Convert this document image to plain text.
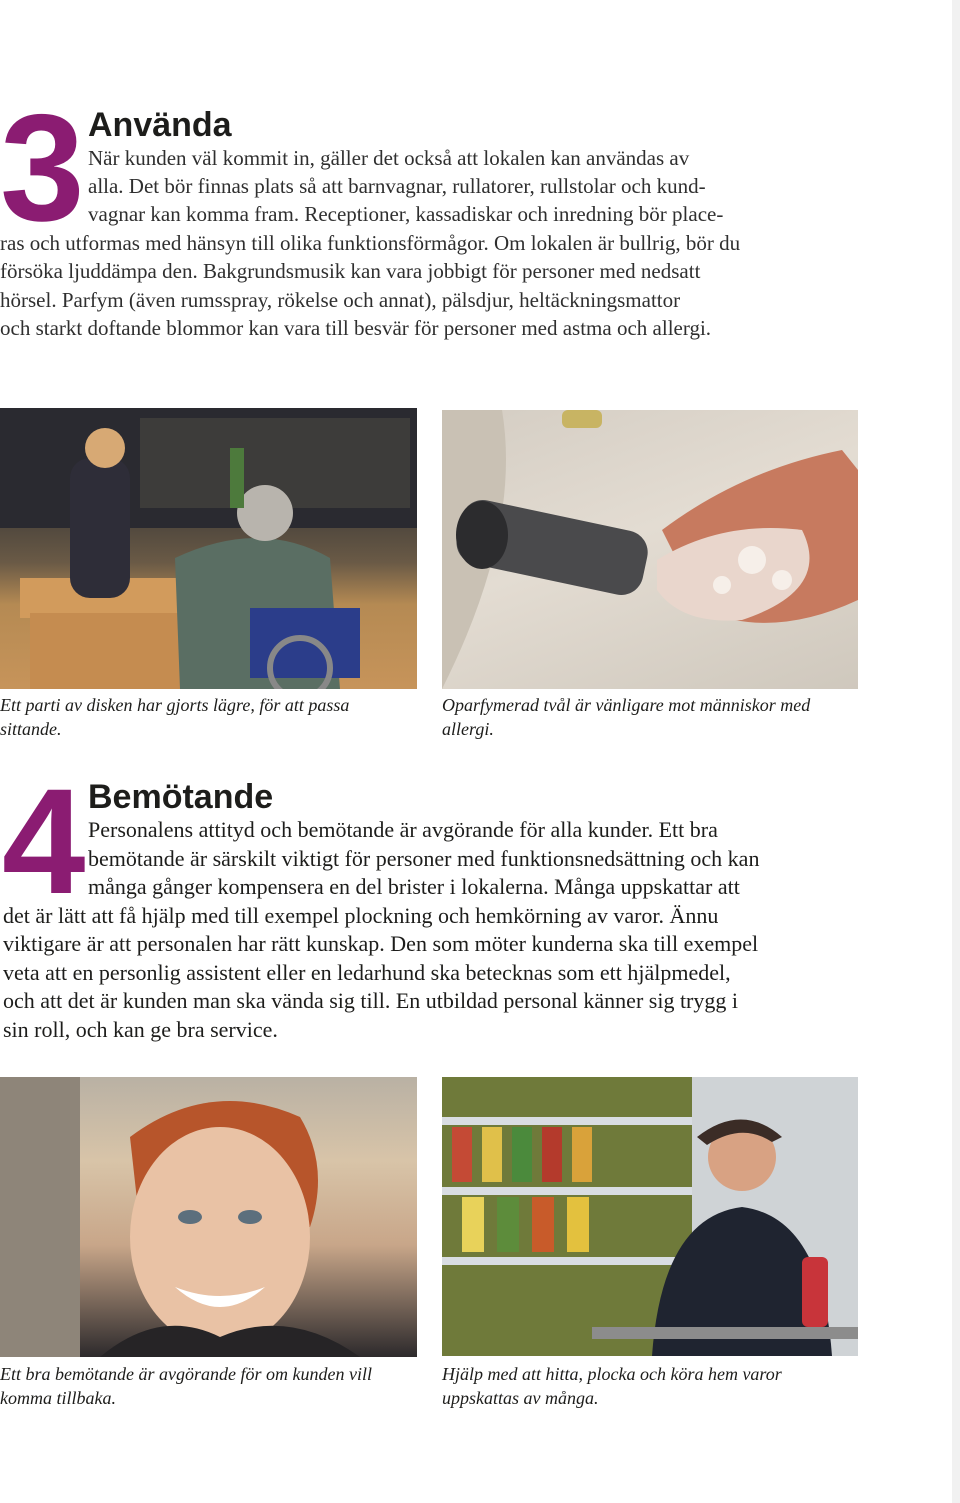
3 Använda
När kunden väl kommit in, gäller det också att lokalen kan användas av
alla. Det bör finnas plats så att barnvagnar, rullatorer, rullstolar och kund-
vagnar kan komma fram. Receptioner, kassadiskar och inredning bör place-
ras och utformas med hänsyn till olika funktionsförmågor. Om lokalen är bullrig, bör du
försöka ljuddämpa den. Bakgrundsmusik kan vara jobbigt för personer med nedsatt
hörsel. Parfym (även rumsspray, rökelse och annat), pälsdjur, heltäckningsmattor
och starkt doftande blommor kan vara till besvär för personer med astma och allergi.
Ett parti av disken har gjorts lägre, för att passa
sittande.
Oparfymerad tvål är vänligare mot människor med
allergi.
4 Bemötande
Personalens attityd och bemötande är avgörande för alla kunder. Ett bra
bemötande är särskilt viktigt för personer med funktionsnedsättning och kan
många gånger kompensera en del brister i lokalerna. Många uppskattar att
det är lätt att få hjälp med till exempel plockning och hemkörning av varor. Ännu
viktigare är att personalen har rätt kunskap. Den som möter kunderna ska till exempel
veta att en personlig assistent eller en ledarhund ska betecknas som ett hjälpmedel,
och att det är kunden man ska vända sig till. En utbildad personal känner sig trygg i
sin roll, och kan ge bra service.
Ett bra bemötande är avgörande för om kunden vill
komma tillbaka.
Hjälp med att hitta, plocka och köra hem varor
uppskattas av många.
